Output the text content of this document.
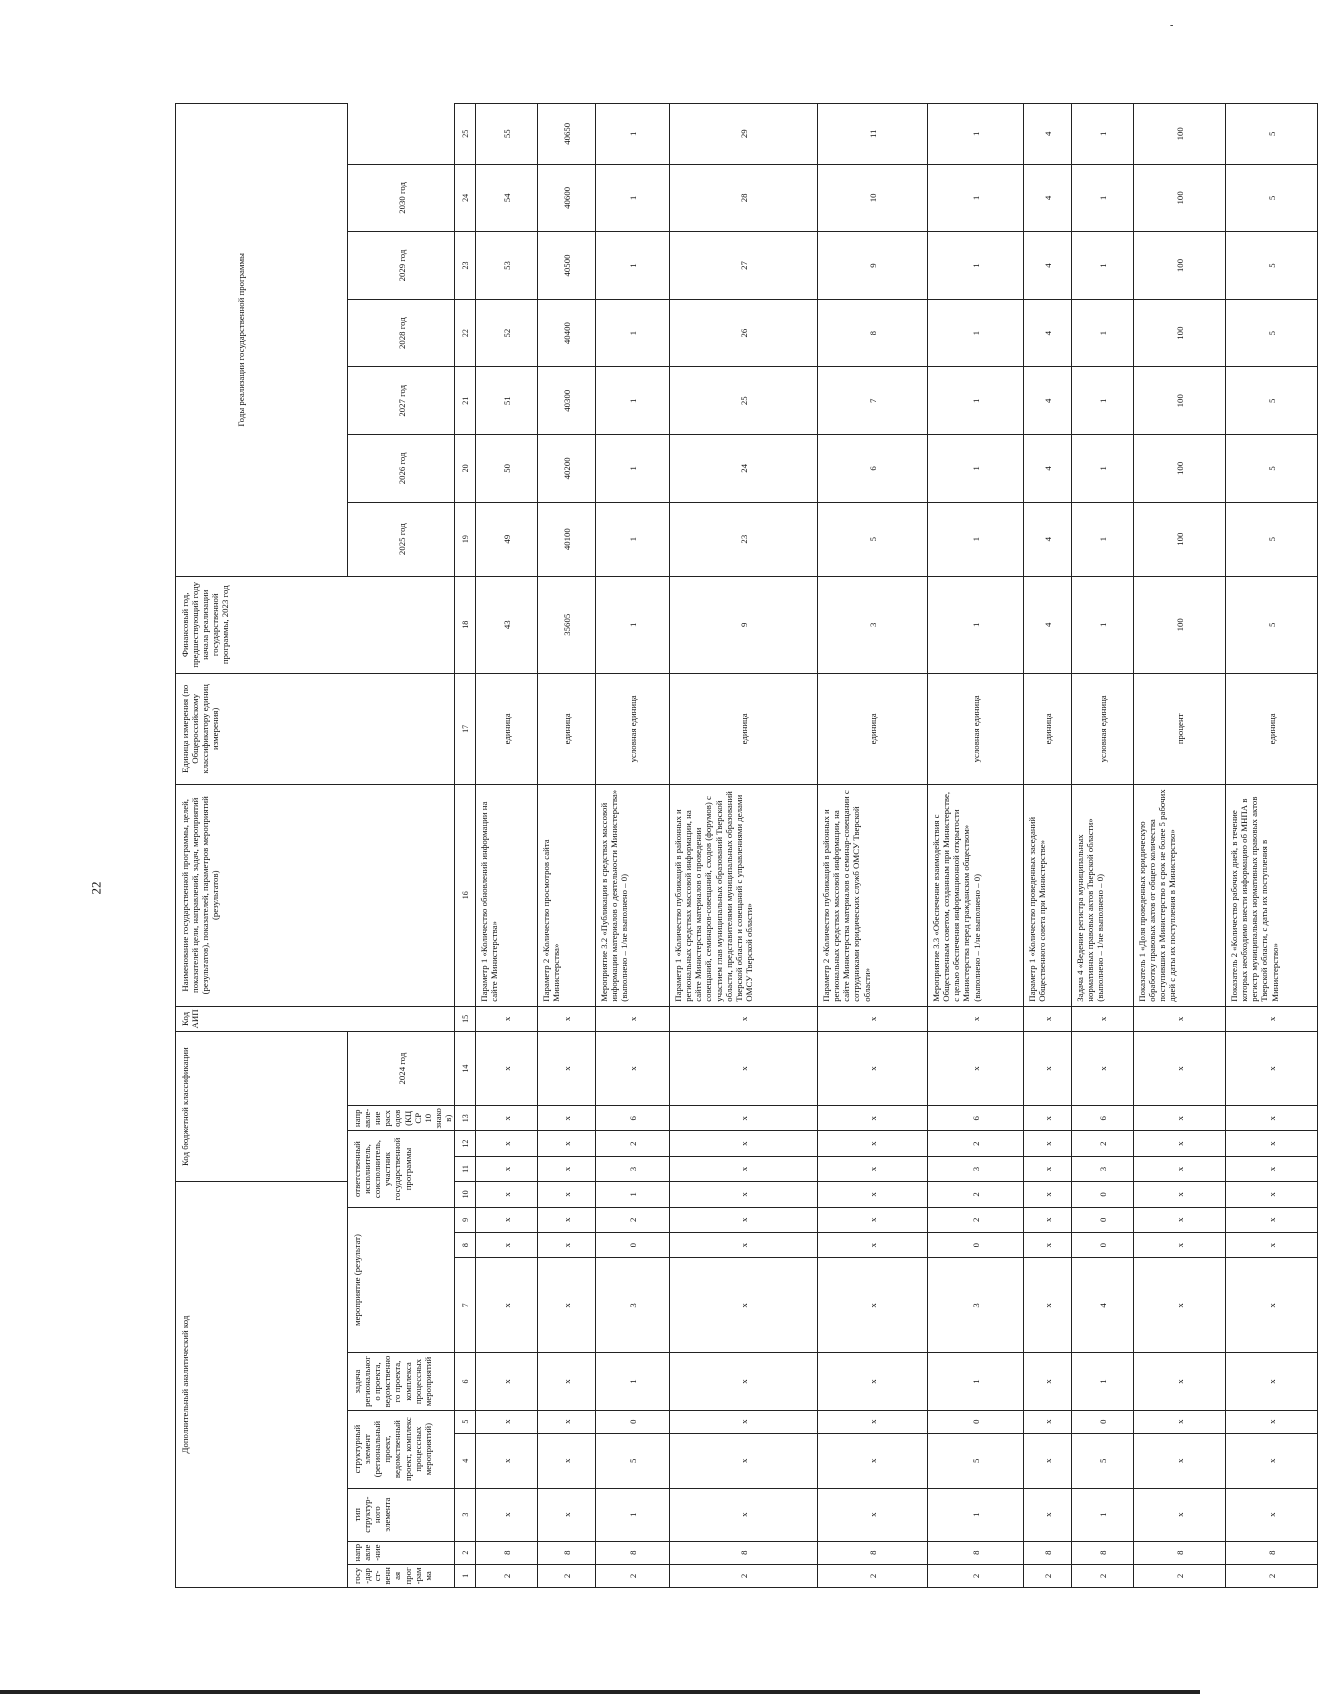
22
-
Дополнительный аналитический код										Код бюджетной классификации				Код АИП	Наименование государственной программы, целей, показателей цели, направлений, задач, мероприятий (результатов), показателей, параметров мероприятий (результатов)	Единица измерения (по Общероссийскому классификатору единиц измерения)	Финансовый год, предшествующий году начала реализации государственной программы, 2023 год	Годы реализации государственной программы						
госу-дарст-венная прог-рамма	направле-ние	тип структур-ного элемента	структурный элемент (региональный проект, ведомственный проект, комплекс процессных мероприятий)		задача регионального проекта, ведомственного проекта, комплекса процессных мероприятий	мероприятие (результат)			ответственный исполнитель, соисполнитель, участник государственной программы			направле-ние расходов (КЦСР 10 знаков)	2024 год					2025 год	2026 год	2027 год	2028 год	2029 год	2030 год	

1	2	3	4	5	6	7	8	9	10	11	12	13	14	15	16	17	18	19	20	21	22	23	24	25
2	8	х	х	х	х	х	х	х	х	х	х	х	х	х	Параметр 1 «Количество обновлений информации на сайте Министерства»	единица	43	49	50	51	52	53	54	55
2	8	х	х	х	х	х	х	х	х	х	х	х	х	х	Параметр 2 «Количество просмотров сайта Министерства»	единица	35605	40100	40200	40300	40400	40500	40600	40650
2	8	1	5	0	1	3	0	2	1	3	2	6	х	х	Мероприятие 3.2 «Публикации в средствах массовой информации материалов о деятельности Министерства» (выполнено – 1/не выполнено – 0)	условная единица	1	1	1	1	1	1	1	1
2	8	х	х	х	х	х	х	х	х	х	х	х	х	х	Параметр 1 «Количество публикаций в районных и региональных средствах массовой информации, на сайте Министерства материалов о проведении совещаний, семинаров-совещаний, сходов (форумов) с участием глав муниципальных образований Тверской области, представителями муниципальных образований Тверской области и совещаний с управлениями делами ОМСУ Тверской области»	единица	9	23	24	25	26	27	28	29
2	8	х	х	х	х	х	х	х	х	х	х	х	х	х	Параметр 2 «Количество публикаций в районных и региональных средствах массовой информации, на сайте Министерства материалов о семинар-совещании с сотрудниками юридических служб ОМСУ Тверской области»	единица	3	5	6	7	8	9	10	11
2	8	1	5	0	1	3	0	2	2	3	2	6	х	х	Мероприятие 3.3 «Обеспечение взаимодействия с Общественным советом, созданным при Министерстве, с целью обеспечения информационной открытости Министерства перед гражданским обществом» (выполнено – 1/не выполнено – 0)	условная единица	1	1	1	1	1	1	1	1
2	8	х	х	х	х	х	х	х	х	х	х	х	х	х	Параметр 1 «Количество проведенных заседаний Общественного совета при Министерстве»	единица	4	4	4	4	4	4	4	4
2	8	1	5	0	1	4	0	0	0	3	2	6	х	х	Задача 4 «Ведение регистра муниципальных нормативных правовых актов Тверской области» (выполнено – 1/не выполнено – 0)	условная единица	1	1	1	1	1	1	1	1
2	8	х	х	х	х	х	х	х	х	х	х	х	х	х	Показатель 1 «Доля проведенных юридическую обработку правовых актов от общего количества поступивших в Министерство в срок не более 5 рабочих дней с даты их поступления в Министерство»	процент	100	100	100	100	100	100	100	100
2	8	х	х	х	х	х	х	х	х	х	х	х	х	х	Показатель 2 «Количество рабочих дней, в течение которых необходимо внести информацию об МНПА в регистр муниципальных нормативных правовых актов Тверской области, с даты их поступления в Министерство»	единица	5	5	5	5	5	5	5	5
